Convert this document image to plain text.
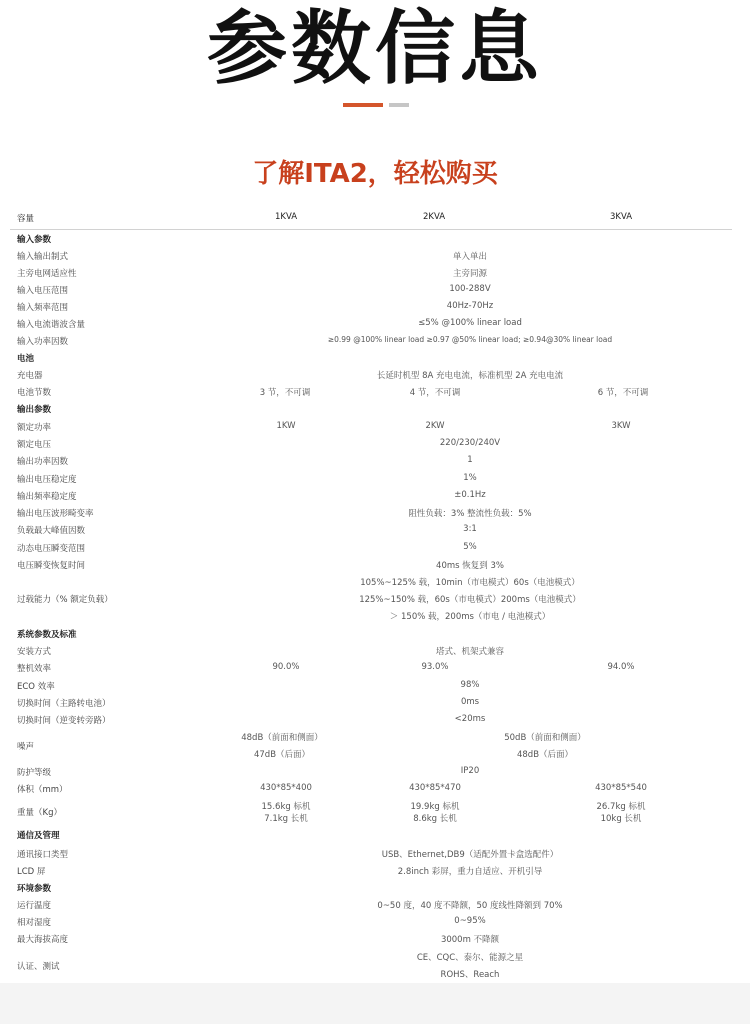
参数信息
了解ITA2，轻松购买
容量	1KVA	2KVA	3KVA
输入参数
输入输出制式	单入单出
主旁电网适应性	主旁同源
输入电压范围	100-288V
输入频率范围	40Hz-70Hz
输入电流谐波含量	≤5% @100% linear load
输入功率因数	≥0.99 @100% linear load ≥0.97 @50% linear load; ≥0.94@30% linear load
电池
充电器	长延时机型 8A 充电电流，标准机型 2A 充电电流
电池节数	3 节，不可调	4 节，不可调	6 节，不可调
输出参数
额定功率	1KW	2KW	3KW
额定电压	220/230/240V
输出功率因数	1
输出电压稳定度	1%
输出频率稳定度	±0.1Hz
输出电压波形畸变率	阻性负载：3% 整流性负载：5%
负载最大峰值因数	3:1
动态电压瞬变范围	5%
电压瞬变恢复时间	40ms 恢复到 3%
105%~125% 载，10min（市电模式）60s（电池模式）
过载能力（% 额定负载）	125%~150% 载，60s（市电模式）200ms（电池模式）
＞ 150% 载，200ms（市电 / 电池模式）
系统参数及标准
安装方式	塔式、机架式兼容
整机效率	90.0%	93.0%	94.0%
ECO 效率	98%
切换时间（主路转电池）	0ms
切换时间（逆变转旁路）	<20ms
48dB（前面和侧面）	50dB（前面和侧面）
噪声
47dB（后面）	48dB（后面）
防护等级	IP20
体积（mm）	430*85*400	430*85*470	430*85*540
15.6kg 标机	19.9kg 标机	26.7kg 标机
重量（Kg）
7.1kg 长机	8.6kg 长机	10kg 长机
通信及管理
通讯接口类型	USB、Ethernet,DB9（适配外置卡盒选配件）
LCD 屏	2.8inch 彩屏，重力自适应、开机引导
环境参数
运行温度	0~50 度，40 度不降额，50 度线性降额到 70%
相对湿度	0~95%
最大海拔高度	3000m 不降额
CE、CQC、泰尔、能源之星
认证、测试
ROHS、Reach
